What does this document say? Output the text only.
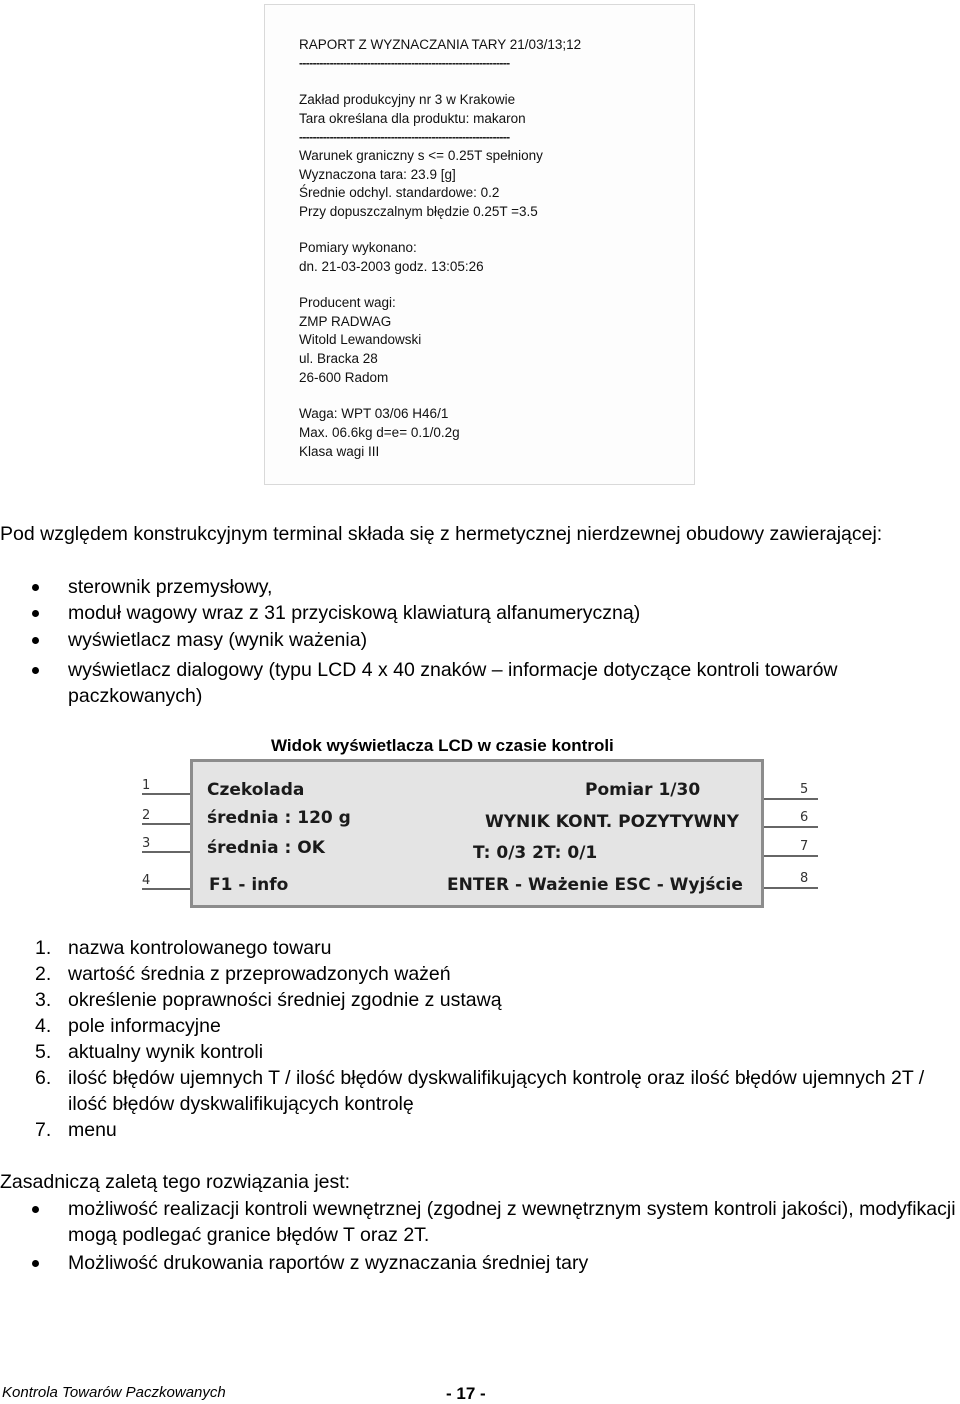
RAPORT Z WYZNACZANIA TARY 21/03/13;12
--------------------------------------------------------------
Zakład produkcyjny nr 3 w Krakowie
Tara określana dla produktu: makaron
--------------------------------------------------------------
Warunek graniczny s <= 0.25T spełniony
Wyznaczona tara: 23.9 [g]
Średnie odchyl. standardowe: 0.2
Przy dopuszczalnym błędzie 0.25T =3.5
Pomiary wykonano:
dn. 21-03-2003 godz. 13:05:26
Producent wagi:
ZMP RADWAG
Witold Lewandowski
ul. Bracka 28
26-600 Radom
Waga: WPT 03/06 H46/1
Max. 06.6kg d=e= 0.1/0.2g
Klasa wagi III
Pod względem konstrukcyjnym terminal składa się z hermetycznej nierdzewnej obudowy zawierającej:
sterownik przemysłowy,
moduł wagowy wraz z 31 przyciskową klawiaturą alfanumeryczną)
wyświetlacz masy (wynik ważenia)
wyświetlacz dialogowy (typu LCD 4 x 40 znaków – informacje dotyczące kontroli towarów paczkowanych)
Widok wyświetlacza LCD w czasie kontroli
1
2
3
4
5
6
7
8
Czekolada
średnia : 120 g
średnia : OK
F1 - info
Pomiar 1/30
WYNIK KONT. POZYTYWNY
T: 0/3 2T: 0/1
ENTER - Ważenie ESC - Wyjście
1. nazwa kontrolowanego towaru
2. wartość średnia z przeprowadzonych ważeń
3. określenie poprawności średniej zgodnie z ustawą
4. pole informacyjne
5. aktualny wynik kontroli
6. ilość błędów ujemnych T / ilość błędów dyskwalifikujących kontrolę oraz ilość błędów ujemnych 2T / ilość błędów dyskwalifikujących kontrolę
7. menu
Zasadniczą zaletą tego rozwiązania jest:
możliwość realizacji kontroli wewnętrznej (zgodnej z wewnętrznym system kontroli jakości), modyfikacji mogą podlegać granice błędów T oraz 2T.
Możliwość drukowania raportów z wyznaczania średniej tary
Kontrola Towarów Paczkowanych	- 17 -
